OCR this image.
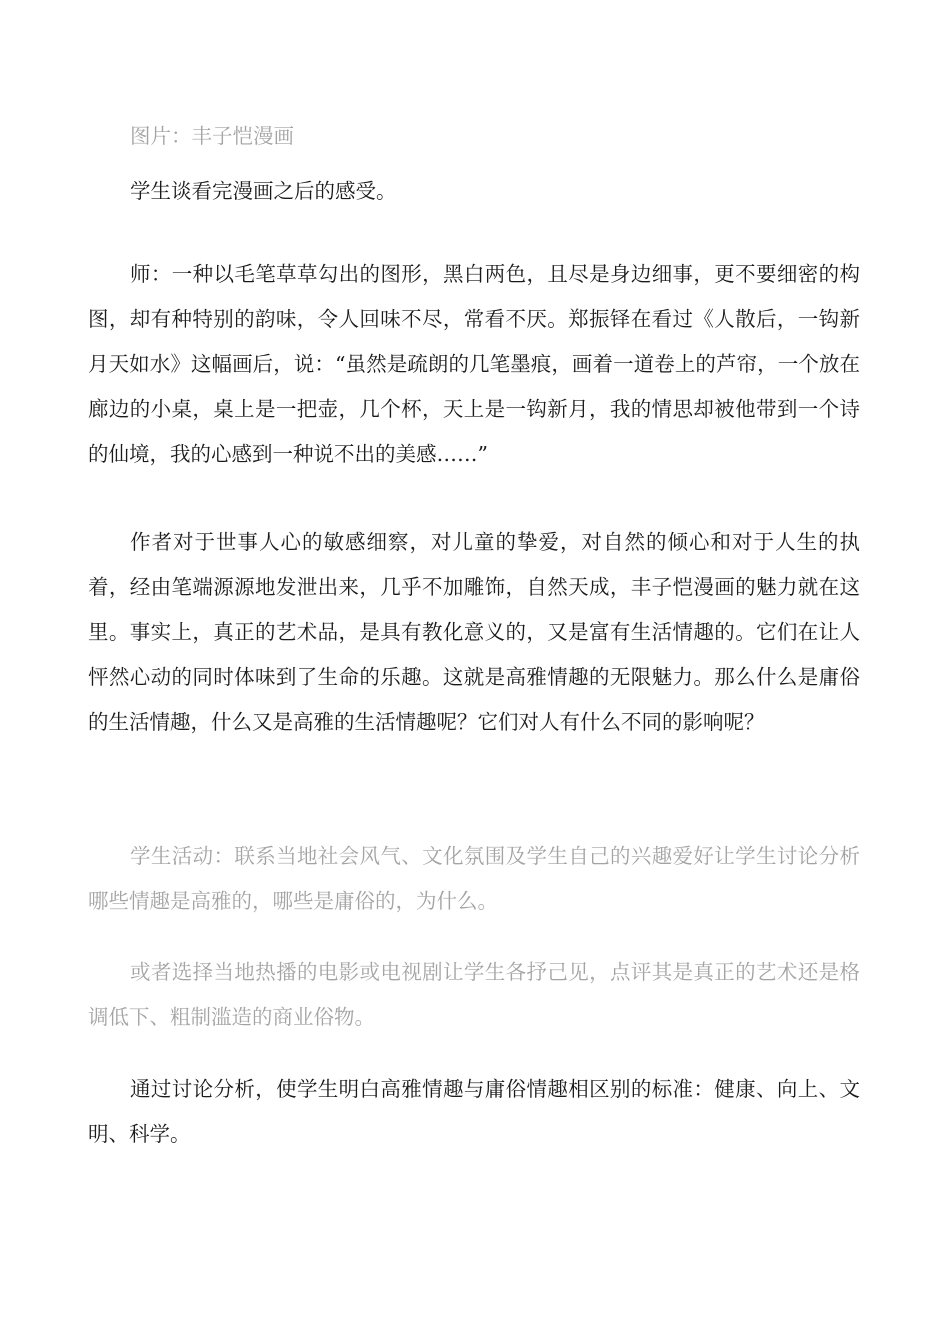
图片：丰子恺漫画

学生谈看完漫画之后的感受。

师：一种以毛笔草草勾出的图形，黑白两色，且尽是身边细事，更不要细密的构图，却有种特别的韵味，令人回味不尽，常看不厌。郑振铎在看过《人散后，一钩新月天如水》这幅画后，说：“虽然是疏朗的几笔墨痕，画着一道卷上的芦帘，一个放在廊边的小桌，桌上是一把壶，几个杯，天上是一钩新月，我的情思却被他带到一个诗的仙境，我的心感到一种说不出的美感……”

作者对于世事人心的敏感细察，对儿童的挚爱，对自然的倾心和对于人生的执着，经由笔端源源地发泄出来，几乎不加雕饰，自然天成，丰子恺漫画的魅力就在这里。事实上，真正的艺术品，是具有教化意义的，又是富有生活情趣的。它们在让人怦然心动的同时体味到了生命的乐趣。这就是高雅情趣的无限魅力。那么什么是庸俗的生活情趣，什么又是高雅的生活情趣呢？它们对人有什么不同的影响呢？

学生活动：联系当地社会风气、文化氛围及学生自己的兴趣爱好让学生讨论分析哪些情趣是高雅的，哪些是庸俗的，为什么。

或者选择当地热播的电影或电视剧让学生各抒己见，点评其是真正的艺术还是格调低下、粗制滥造的商业俗物。

通过讨论分析，使学生明白高雅情趣与庸俗情趣相区别的标准：健康、向上、文明、科学。
